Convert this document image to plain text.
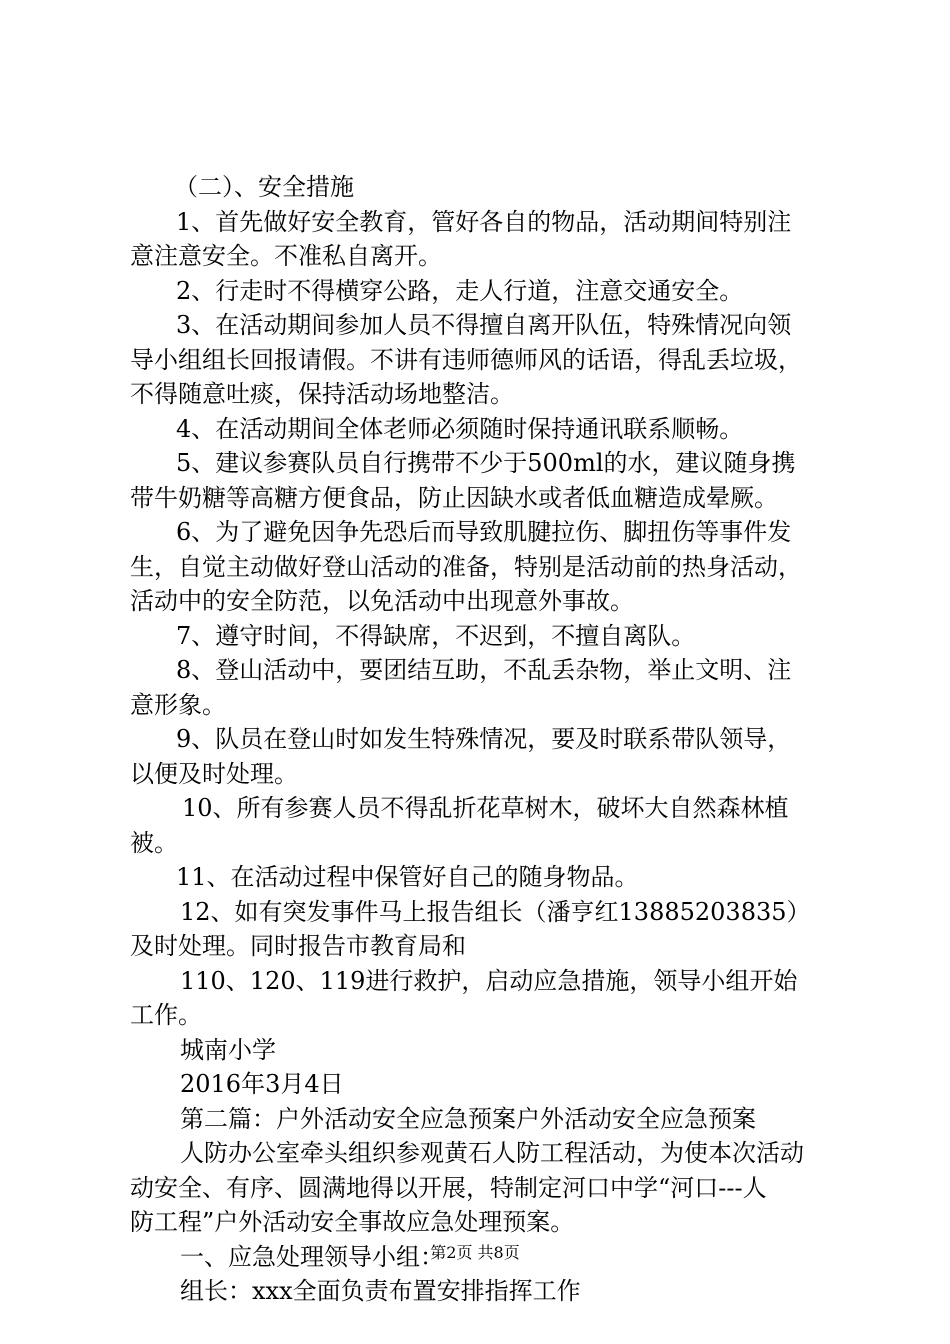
（二）、安全措施
1、首先做好安全教育，管好各自的物品，活动期间特别注
意注意安全。不准私自离开。
2、行走时不得横穿公路，走人行道，注意交通安全。
3、在活动期间参加人员不得擅自离开队伍，特殊情况向领
导小组组长回报请假。不讲有违师德师风的话语，得乱丢垃圾，
不得随意吐痰，保持活动场地整洁。
4、在活动期间全体老师必须随时保持通讯联系顺畅。
5、建议参赛队员自行携带不少于500ml的水，建议随身携
带牛奶糖等高糖方便食品，防止因缺水或者低血糖造成晕厥。
6、为了避免因争先恐后而导致肌腱拉伤、脚扭伤等事件发
生，自觉主动做好登山活动的准备，特别是活动前的热身活动，
活动中的安全防范，以免活动中出现意外事故。
7、遵守时间，不得缺席，不迟到，不擅自离队。
8、登山活动中，要团结互助，不乱丢杂物，举止文明、注
意形象。
9、队员在登山时如发生特殊情况，要及时联系带队领导，
以便及时处理。
10、所有参赛人员不得乱折花草树木，破坏大自然森林植
被。
11、在活动过程中保管好自己的随身物品。
12、如有突发事件马上报告组长（潘亨红13885203835）
及时处理。同时报告市教育局和
110、120、119进行救护，启动应急措施，领导小组开始
工作。
城南小学
2016年3月4日
第二篇：户外活动安全应急预案户外活动安全应急预案
人防办公室牵头组织参观黄石人防工程活动，为使本次活动
动安全、有序、圆满地得以开展，特制定河口中学“河口---人
防工程”户外活动安全事故应急处理预案。
一、应急处理领导小组：
组长：xxx全面负责布置安排指挥工作
第2页 共8页
